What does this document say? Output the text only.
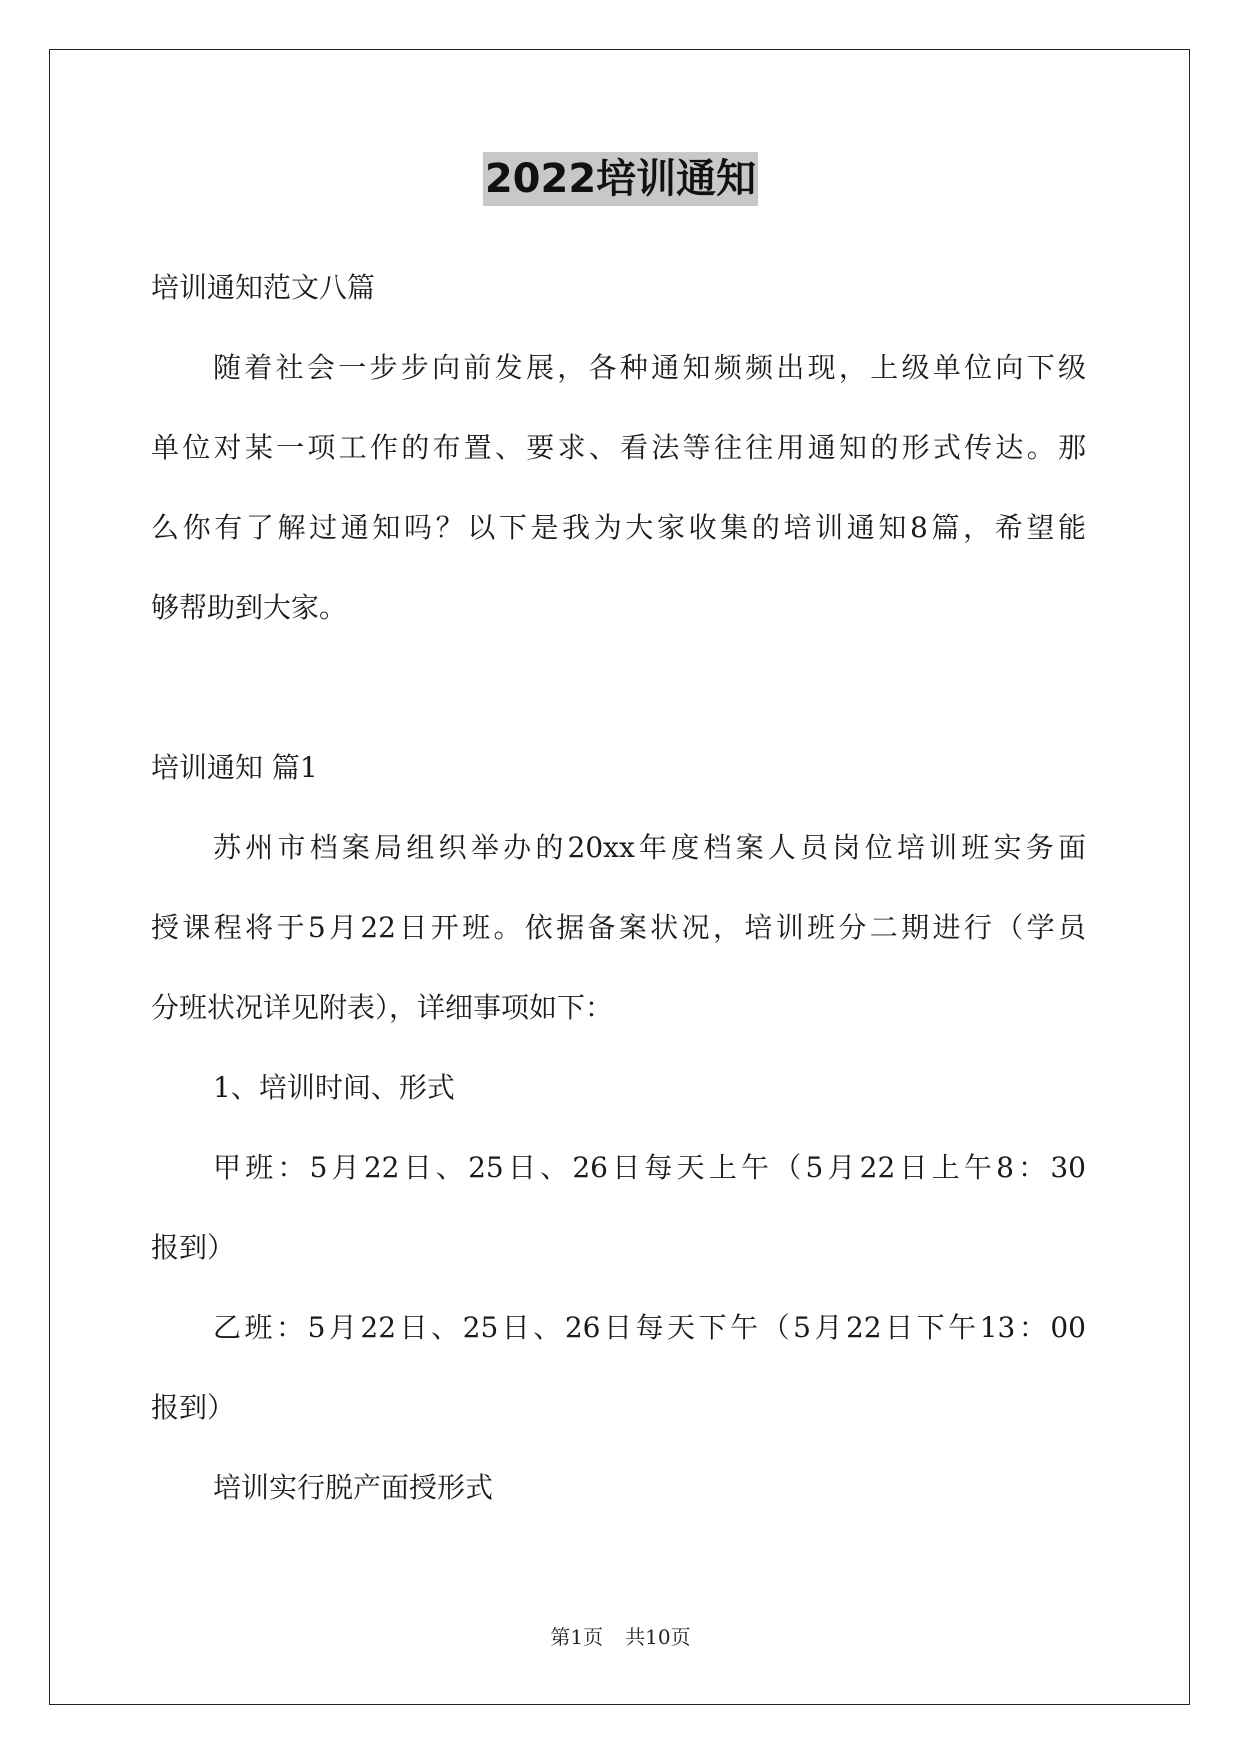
2022培训通知
培训通知范文八篇
随着社会一步步向前发展，各种通知频频出现，上级单位向下级
单位对某一项工作的布置、要求、看法等往往用通知的形式传达。那
么你有了解过通知吗？以下是我为大家收集的培训通知8篇，希望能
够帮助到大家。
培训通知 篇1
苏州市档案局组织举办的20xx年度档案人员岗位培训班实务面
授课程将于5月22日开班。依据备案状况，培训班分二期进行（学员
分班状况详见附表），详细事项如下：
1、培训时间、形式
甲班：5月22日、25日、26日每天上午（5月22日上午8：30
报到）
乙班：5月22日、25日、26日每天下午（5月22日下午13：00
报到）
培训实行脱产面授形式
第1页 共10页
